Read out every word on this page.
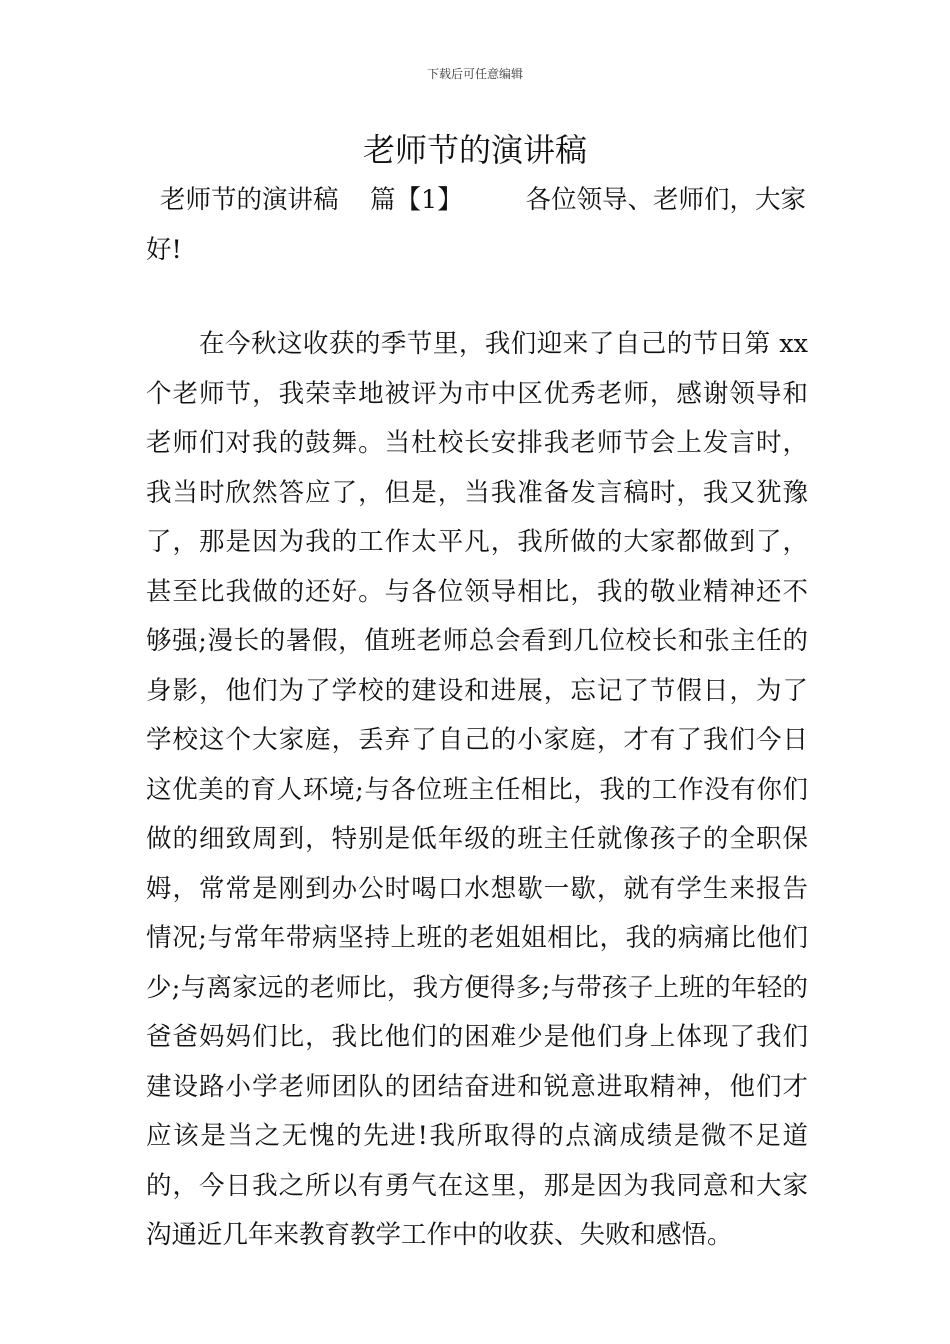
下载后可任意编辑
老师节的演讲稿
老师节的演讲稿 篇【1】 各位领导、老师们，大家
好!

在今秋这收获的季节里，我们迎来了自己的节日第 xx 个老师节，我荣幸地被评为市中区优秀老师，感谢领导和老师们对我的鼓舞。当杜校长安排我老师节会上发言时，我当时欣然答应了，但是，当我准备发言稿时，我又犹豫了，那是因为我的工作太平凡，我所做的大家都做到了，甚至比我做的还好。与各位领导相比，我的敬业精神还不够强;漫长的暑假，值班老师总会看到几位校长和张主任的身影，他们为了学校的建设和进展，忘记了节假日，为了学校这个大家庭，丢弃了自己的小家庭，才有了我们今日这优美的育人环境;与各位班主任相比，我的工作没有你们做的细致周到，特别是低年级的班主任就像孩子的全职保姆，常常是刚到办公时喝口水想歇一歇，就有学生来报告情况;与常年带病坚持上班的老姐姐相比，我的病痛比他们少;与离家远的老师比，我方便得多;与带孩子上班的年轻的爸爸妈妈们比，我比他们的困难少是他们身上体现了我们建设路小学老师团队的团结奋进和锐意进取精神，他们才应该是当之无愧的先进!我所取得的点滴成绩是微不足道的，今日我之所以有勇气在这里，那是因为我同意和大家沟通近几年来教育教学工作中的收获、失败和感悟。
